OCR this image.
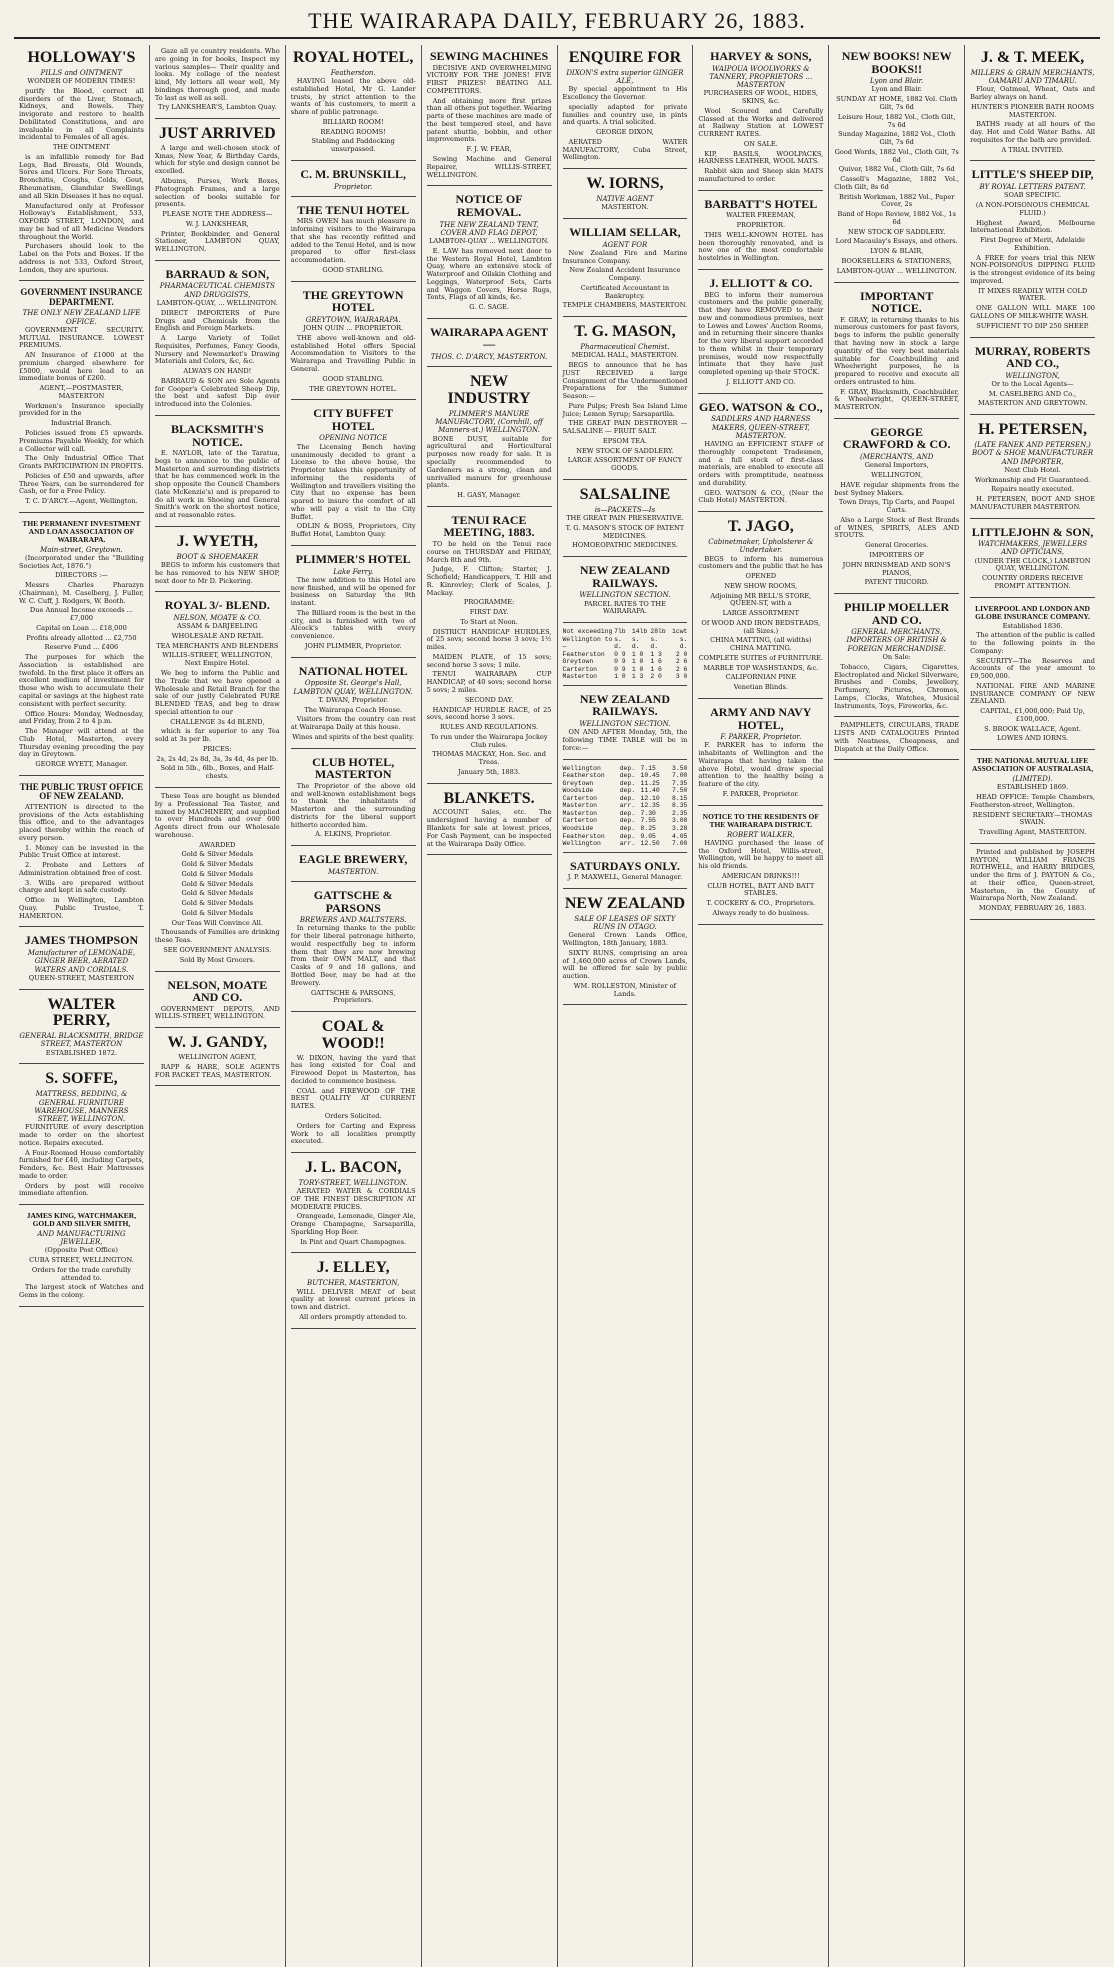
THE WAIRARAPA DAILY, FEBRUARY 26, 1883.
HOLLOWAY'S
PILLS and OINTMENT

WONDER OF MODERN TIMES!

purify the Blood, correct all disorders of the Liver, Stomach, Kidneys, and Bowels. They invigorate and restore to health Debilitated Constitutions, and are invaluable in all Complaints incidental to Females of all ages.

THE OINTMENT

is an infallible remedy for Bad Legs, Bad Breasts, Old Wounds, Sores and Ulcers. For Sore Throats, Bronchitis, Coughs, Colds, Gout, Rheumatism, Glandular Swellings and all Skin Diseases it has no equal.

Manufactured only at Professor Holloway's Establishment, 533, OXFORD STREET, LONDON, and may be had of all Medicine Vendors throughout the World.

Purchasers should look to the Label on the Pots and Boxes. If the address is not 533, Oxford Street, London, they are spurious.

GOVERNMENT INSURANCE DEPARTMENT.
THE ONLY NEW ZEALAND LIFE OFFICE.

GOVERNMENT SECURITY. MUTUAL INSURANCE. LOWEST PREMIUMS.

AN Insurance of £1000 at the premium charged elsewhere for £5000, would here lead to an immediate bonus of £260.

AGENT,—POSTMASTER, MASTERTON

Workmen's Insurance specially provided for in the

Industrial Branch.

Policies issued from £5 upwards. Premiums Payable Weekly, for which a Collector will call.

The Only Industrial Office That Grants PARTICIPATION IN PROFITS.

Policies of £50 and upwards, after Three Years, can be surrendered for Cash, or for a Free Policy.

T. C. D'ARCY.—Agent, Wellington.

THE PERMANENT INVESTMENT AND LOAN ASSOCIATION OF WAIRARAPA.
Main-street, Greytown.

(Incorporated under the "Building Societies Act, 1876.")

DIRECTORS :—

Messrs Charles Pharazyn (Chairman), M. Caselberg, J. Fuller, W. C. Cuff, J. Rodgers, W. Booth.

Due Annual Income exceeds ... £7,000

Capital on Loan ... £18,000

Profits already allotted ... £2,750

Reserve Fund ... £406

The purposes for which the Association is established are twofold. In the first place it offers an excellent medium of investment for those who wish to accumulate their capital or savings at the highest rate consistent with perfect security.

Office Hours: Monday, Wednesday, and Friday, from 2 to 4 p.m.

The Manager will attend at the Club Hotel, Masterton, every Thursday evening preceding the pay day in Greytown.

GEORGE WYETT, Manager.

THE PUBLIC TRUST OFFICE OF NEW ZEALAND.

ATTENTION is directed to the provisions of the Acts establishing this office, and to the advantages placed thereby within the reach of every person.

1. Money can be invested in the Public Trust Office at interest.

2. Probate and Letters of Administration obtained free of cost.

3. Wills are prepared without charge and kept in safe custody.

Office in Wellington, Lambton Quay. Public Trustee, T. HAMERTON.

JAMES THOMPSON
Manufacturer of LEMONADE, GINGER BEER, AERATED WATERS AND CORDIALS.

QUEEN-STREET, MASTERTON

WALTER PERRY,
GENERAL BLACKSMITH, BRIDGE STREET, MASTERTON

ESTABLISHED 1872.

S. SOFFE,
MATTRESS, BEDDING, & GENERAL FURNITURE WAREHOUSE, MANNERS STREET, WELLINGTON.

FURNITURE of every description made to order on the shortest notice. Repairs executed.

A Four-Roomed House comfortably furnished for £40, including Carpets, Fenders, &c. Best Hair Mattresses made to order.

Orders by post will receive immediate attention.

JAMES KING, WATCHMAKER, GOLD AND SILVER SMITH,
AND MANUFACTURING JEWELLER,

(Opposite Post Office)

CUBA STREET, WELLINGTON.

Orders for the trade carefully attended to.

The largest stock of Watches and Gems in the colony.

Gaze all ye country residents. Who are going in for books, Inspect my various samples— Their quality and looks. My collage of the neatest kind, My letters all wear well, My bindings thorough good, and made To last as well as sell.

Try LANKSHEAR'S, Lambton Quay.

JUST ARRIVED

A large and well-chosen stock of Xmas, New Year, & Birthday Cards, which for style and design cannot be excelled.

Albums, Purses, Work Boxes, Photograph Frames, and a large selection of books suitable for presents.

PLEASE NOTE THE ADDRESS—

W. J. LANKSHEAR,

Printer, Bookbinder, and General Stationer, LAMBTON QUAY, WELLINGTON.

BARRAUD & SON,
PHARMACEUTICAL CHEMISTS AND DRUGGISTS,

LAMBTON-QUAY, ... WELLINGTON.

DIRECT IMPORTERS of Pure Drugs and Chemicals from the English and Foreign Markets.

A Large Variety of Toilet Requisites, Perfumes, Fancy Goods, Nursery and Newmarket's Drawing Materials and Colors, &c, &c.

ALWAYS ON HAND!

BARRAUD & SON are Sole Agents for Cooper's Celebrated Sheep Dip, the best and safest Dip ever introduced into the Colonies.

BLACKSMITH'S NOTICE.

E. NAYLOR, late of the Taratua, begs to announce to the public of Masterton and surrounding districts that he has commenced work in the shop opposite the Council Chambers (late McKenzie's) and is prepared to do all work in Shoeing and General Smith's work on the shortest notice, and at reasonable rates.

J. WYETH,
BOOT & SHOEMAKER

BEGS to inform his customers that he has removed to his NEW SHOP, next door to Mr D. Pickering.

ROYAL 3/- BLEND.
NELSON, MOATE & CO.

ASSAM & DARJEELING

WHOLESALE AND RETAIL

TEA MERCHANTS AND BLENDERS

WILLIS-STREET, WELLINGTON, Next Empire Hotel.

We beg to inform the Public and the Trade that we have opened a Wholesale and Retail Branch for the sale of our justly Celebrated PURE BLENDED TEAS, and beg to draw special attention to our

CHALLENGE 3s 4d BLEND,

which is far superior to any Tea sold at 3s per lb.

PRICES:

2s, 2s 4d, 2s 8d, 3s, 3s 4d, 4s per lb.

Sold in 5lb., 6lb., Boxes, and Half-chests.

These Teas are bought as blended by a Professional Tea Taster, and mixed by MACHINERY, and supplied to over Hundreds and over 600 Agents direct from our Wholesale warehouse.

AWARDED

Gold & Silver Medals

Gold & Silver Medals

Gold & Silver Medals

Gold & Silver Medals

Gold & Silver Medals

Gold & Silver Medals

Gold & Silver Medals

Our Teas Will Convince All.

Thousands of Families are drinking these Teas.

SEE GOVERNMENT ANALYSIS.

Sold By Most Grocers.

NELSON, MOATE AND CO.

GOVERNMENT DEPOTS, AND WILLIS-STREET, WELLINGTON.

W. J. GANDY,

WELLINGTON AGENT,

RAPP & HARE, SOLE AGENTS FOR PACKET TEAS, MASTERTON.

ROYAL HOTEL,
Featherston.

HAVING leased the above old-established Hotel, Mr G. Lander trusts, by strict attention to the wants of his customers, to merit a share of public patronage.

BILLIARD ROOM!

READING ROOMS!

Stabling and Paddocking unsurpassed.

C. M. BRUNSKILL,
Proprietor.
THE TENUI HOTEL

MRS OWEN has much pleasure in informing visitors to the Wairarapa that she has recently refitted and added to the Tenui Hotel, and is now prepared to offer first-class accommodation.

GOOD STABLING.

THE GREYTOWN HOTEL
GREYTOWN, WAIRARAPA.

JOHN QUIN ... PROPRIETOR.

THE above well-known and old-established Hotel offers Special Accommodation to Visitors to the Wairarapa and Travelling Public in General.

GOOD STABLING.

THE GREYTOWN HOTEL.

CITY BUFFET HOTEL
OPENING NOTICE

The Licensing Bench having unanimously decided to grant a License to the above house, the Proprietor takes this opportunity of informing the residents of Wellington and travellers visiting the City that no expense has been spared to insure the comfort of all who will pay a visit to the City Buffet.

ODLIN & BOSS, Proprietors, City Buffet Hotel, Lambton Quay.

PLIMMER'S HOTEL
Lake Ferry.

The new addition to this Hotel are now finished, and will be opened for business on Saturday the 9th instant.

The Billiard room is the best in the city, and is furnished with two of Alcock's tables with every convenience.

JOHN PLIMMER, Proprietor.

NATIONAL HOTEL
Opposite St. George's Hall, LAMBTON QUAY, WELLINGTON.

T. DWAN, Proprietor.

The Wairarapa Coach House.

Visitors from the country can rest at Wairarapa Daily at this house.

Wines and spirits of the best quality.

CLUB HOTEL, MASTERTON

The Proprietor of the above old and well-known establishment begs to thank the inhabitants of Masterton and the surrounding districts for the liberal support hitherto accorded him.

A. ELKINS, Proprietor.

EAGLE BREWERY,
MASTERTON.
GATTSCHE & PARSONS
BREWERS AND MALTSTERS.

In returning thanks to the public for their liberal patronage hitherto, would respectfully beg to inform them that they are now brewing from their OWN MALT, and that Casks of 9 and 18 gallons, and Bottled Beer, may be had at the Brewery.

GATTSCHE & PARSONS, Proprietors.

COAL & WOOD!!

W. DIXON, having the yard that has long existed for Coal and Firewood Depot in Masterton, has decided to commence business.

COAL and FIREWOOD OF THE BEST QUALITY AT CURRENT RATES.

Orders Solicited.

Orders for Carting and Express Work to all localities promptly executed.

J. L. BACON,
TORY-STREET, WELLINGTON.

AERATED WATER & CORDIALS OF THE FINEST DESCRIPTION AT MODERATE PRICES.

Orangeade, Lemonade, Ginger Ale, Orange Champagne, Sarsaparilla, Sparkling Hop Beer.

In Pint and Quart Champagnes.

J. ELLEY,
BUTCHER, MASTERTON,

WILL DELIVER MEAT of best quality at lowest current prices in town and district.

All orders promptly attended to.

SEWING MACHINES

DECISIVE AND OVERWHELMING VICTORY FOR THE JONES! FIVE FIRST PRIZES! BEATING ALL COMPETITORS.

And obtaining more first prizes than all others put together. Wearing parts of these machines are made of the best tempered steel, and have patent shuttle, bobbin, and other improvements.

F. J. W. FEAR,

Sewing Machine and General Repairer, WILLIS-STREET, WELLINGTON.

NOTICE OF REMOVAL.
THE NEW ZEALAND TENT, COVER AND FLAG DEPOT,

LAMBTON-QUAY ... WELLINGTON.

E. LAW has removed next door to the Western Royal Hotel, Lambton Quay, where an extensive stock of Waterproof and Oilskin Clothing and Leggings, Waterproof Sets, Carts and Waggon Covers, Horse Rugs, Tents, Flags of all kinds, &c.

G. C. SAGE.

WAIRARAPA AGENT—
THOS. C. D'ARCY, MASTERTON.
NEW INDUSTRY
PLIMMER'S MANURE MANUFACTORY, (Cornhill, off Manners-st.) WELLINGTON.

BONE DUST, suitable for agricultural and Horticultural purposes now ready for sale. It is specially recommended to Gardeners as a strong, clean and unrivalled manure for greenhouse plants.

H. GASY, Manager.

TENUI RACE MEETING, 1883.

TO be held on the Tenui race course on THURSDAY and FRIDAY, March 8th and 9th.

Judge, F. Clifton; Starter, J. Schofield; Handicappers, T. Hill and R. Kinrovley; Clerk of Scales, J. Mackay.

PROGRAMME:

FIRST DAY.

To Start at Noon.

DISTRICT HANDICAP HURDLES, of 25 sovs; second horse 3 sovs; 1½ miles.

MAIDEN PLATE, of 15 sovs; second horse 3 sovs; 1 mile.

TENUI WAIRARAPA CUP HANDICAP, of 40 sovs; second horse 5 sovs; 2 miles.

SECOND DAY.

HANDICAP HURDLE RACE, of 25 sovs, second horse 3 sovs.

RULES AND REGULATIONS.

To run under the Wairarapa Jockey Club rules.

THOMAS MACKAY, Hon. Sec. and Treas.

January 5th, 1883.

BLANKETS.

ACCOUNT Sales, etc. The undersigned having a number of Blankets for sale at lowest prices, For Cash Payment, can be inspected at the Wairarapa Daily Office.

ENQUIRE FOR
DIXON'S extra superior GINGER ALE,

By special appointment to His Excellency the Governor.

specially adapted for private families and country use, in pints and quarts. A trial solicited.

GEORGE DIXON,

AERATED WATER MANUFACTORY, Cuba Street, Wellington.

W. IORNS,
NATIVE AGENT

MASTERTON.

WILLIAM SELLAR,
AGENT FOR

New Zealand Fire and Marine Insurance Company.

New Zealand Accident Insurance Company.

Certificated Accountant in Bankruptcy.

TEMPLE CHAMBERS, MASTERTON.

T. G. MASON,
Pharmaceutical Chemist.

MEDICAL HALL, MASTERTON.

BEGS to announce that he has JUST RECEIVED a large Consignment of the Undermentioned Preparations for the Summer Season:—

Pure Pulps; Fresh Sea Island Lime Juice; Lemon Syrup; Sarsaparilla.

THE GREAT PAIN DESTROYER — SALSALINE — FRUIT SALT.

EPSOM TEA.

NEW STOCK OF SADDLERY.

LARGE ASSORTMENT OF FANCY GOODS.

SALSALINE
is—PACKETS—Is

THE GREAT PAIN PRESERVATIVE.

T. G. MASON'S STOCK OF PATENT MEDICINES.

HOMOEOPATHIC MEDICINES.

NEW ZEALAND RAILWAYS.
WELLINGTON SECTION.

PARCEL RATES TO THE WAIRARAPA.

Not exceeding	7lb	14lb	28lb	1cwt
Wellington to—	s. d.	s. d.	s. d.	s. d.
Featherston	0 9	1 0	1 3	2 0
Greytown	0 9	1 0	1 6	2 6
Carterton	0 9	1 0	1 6	2 6
Masterton	1 0	1 3	2 0	3 0
NEW ZEALAND RAILWAYS.
WELLINGTON SECTION.

ON AND AFTER Monday, 5th, the following TIME TABLE will be in force:—

Wellington	dep.	7.15	3.50
Featherston	dep.	10.45	7.00
Greytown	dep.	11.25	7.35
Woodside	dep.	11.40	7.50
Carterton	dep.	12.10	8.15
Masterton	arr.	12.35	8.35
Masterton	dep.	7.30	2.35
Carterton	dep.	7.55	3.00
Woodside	dep.	8.25	3.28
Featherston	dep.	9.05	4.05
Wellington	arr.	12.50	7.00
SATURDAYS ONLY.

J. P. MAXWELL, General Manager.

NEW ZEALAND
SALE OF LEASES OF SIXTY RUNS IN OTAGO.

General Crown Lands Office, Wellington, 18th January, 1883.

SIXTY RUNS, comprising an area of 1,460,000 acres of Crown Lands, will be offered for sale by public auction.

WM. ROLLESTON, Minister of Lands.

HARVEY & SONS,
WAIPOUA WOOLWORKS & TANNERY, PROPRIETORS ... MASTERTON

PURCHASERS OF WOOL, HIDES, SKINS, &c.

Wool Scoured and Carefully Classed at the Works and delivered at Railway Station at LOWEST CURRENT RATES.

ON SALE.

KIP, BASILS, WOOLPACKS, HARNESS LEATHER, WOOL MATS.

Rabbit skin and Sheep skin MATS manufactured to order.

BARBATT'S HOTEL

WALTER FREEMAN,

PROPRIETOR.

THIS WELL-KNOWN HOTEL has been thoroughly renovated, and is now one of the most comfortable hostelries in Wellington.

J. ELLIOTT & CO.

BEG to inform their numerous customers and the public generally, that they have REMOVED to their new and commodious premises, next to Lowes and Lowes' Auction Rooms, and in returning their sincere thanks for the very liberal support accorded to them whilst in their temporary premises, would now respectfully intimate that they have just completed opening up their STOCK.

J. ELLIOTT AND CO.

GEO. WATSON & CO.,
SADDLERS AND HARNESS MAKERS, QUEEN-STREET, MASTERTON.

HAVING an EFFICIENT STAFF of thoroughly competent Tradesmen, and a full stock of first-class materials, are enabled to execute all orders with promptitude, neatness and durability.

GEO. WATSON & CO., (Near the Club Hotel) MASTERTON.

T. JAGO,
Cabinetmaker, Upholsterer & Undertaker.

BEGS to inform his numerous customers and the public that he has

OPENED

NEW SHOW ROOMS,

Adjoining MR BELL'S STORE, QUEEN-ST, with a

LARGE ASSORTMENT

Of WOOD AND IRON BEDSTEADS, (all Sizes.)

CHINA MATTING, (all widths) CHINA MATTING.

COMPLETE SUITES of FURNITURE.

MARBLE TOP WASHSTANDS, &c.

CALIFORNIAN PINE

Venetian Blinds.

ARMY AND NAVY HOTEL,
F. PARKER, Proprietor.

F. PARKER has to inform the inhabitants of Wellington and the Wairarapa that having taken the above Hotel, would draw special attention to the healthy being a feature of the city.

F. PARKER, Proprietor.

NOTICE TO THE RESIDENTS OF THE WAIRARAPA DISTRICT.
ROBERT WALKER,

HAVING purchased the lease of the Oxford Hotel, Willis-street, Wellington, will be happy to meet all his old friends.

AMERICAN DRINKS!!!

CLUB HOTEL, BATT AND BATT STABLES.

T. COCKERY & CO., Proprietors.

Always ready to do business.

NEW BOOKS! NEW BOOKS!!
Lyon and Blair.

Lyon and Blair.

SUNDAY AT HOME, 1882 Vol. Cloth Gilt, 7s 6d

Leisure Hour, 1882 Vol., Cloth Gilt, 7s 6d

Sunday Magazine, 1882 Vol., Cloth Gilt, 7s 6d

Good Words, 1882 Vol., Cloth Gilt, 7s 6d

Quiver, 1882 Vol., Cloth Gilt, 7s 6d

Cassell's Magazine, 1882 Vol., Cloth Gilt, 8s 6d

British Workman, 1882 Vol., Paper Cover, 2s

Band of Hope Review, 1882 Vol., 1s 6d

NEW STOCK OF SADDLERY.

Lord Macaulay's Essays, and others.

LYON & BLAIR,

BOOKSELLERS & STATIONERS,

LAMBTON-QUAY ... WELLINGTON.

IMPORTANT NOTICE.

F. GRAY, in returning thanks to his numerous customers for past favors, begs to inform the public generally that having now in stock a large quantity of the very best materials suitable for Coachbuilding and Wheelwright purposes, he is prepared to receive and execute all orders entrusted to him.

F. GRAY, Blacksmith, Coachbuilder, & Wheelwright, QUEEN-STREET, MASTERTON.

GEORGE CRAWFORD & CO.
(MERCHANTS, AND

General Importers,

WELLINGTON,

HAVE regular shipments from the best Sydney Makers.

Town Drays, Tip Carts, and Paupel Carts.

Also a Large Stock of Best Brands of WINES, SPIRITS, ALES AND STOUTS.

General Groceries.

IMPORTERS OF

JOHN BRINSMEAD AND SON'S PIANOS,

PATENT TRICORD.

PHILIP MOELLER AND CO.
GENERAL MERCHANTS, IMPORTERS OF BRITISH & FOREIGN MERCHANDISE.

On Sale:

Tobacco, Cigars, Cigarettes, Electroplated and Nickel Silverware, Brushes and Combs, Jewellery, Perfumery, Pictures, Chromos, Lamps, Clocks, Watches, Musical Instruments, Toys, Fireworks, &c.

PAMPHLETS, CIRCULARS, TRADE LISTS AND CATALOGUES Printed with Neatness, Cheapness, and Dispatch at the Daily Office.

J. & T. MEEK,
MILLERS & GRAIN MERCHANTS, OAMARU AND TIMARU.

Flour, Oatmeal, Wheat, Oats and Barley always on hand.

HUNTER'S PIONEER BATH ROOMS MASTERTON.

BATHS ready at all hours of the day. Hot and Cold Water Baths. All requisites for the bath are provided.

A TRIAL INVITED.

LITTLE'S SHEEP DIP,
BY ROYAL LETTERS PATENT.

SOAB SPECIFIC.

(A NON-POISONOUS CHEMICAL FLUID.)

Highest Award, Melbourne International Exhibition.

First Degree of Merit, Adelaide Exhibition.

A FREE for years trial this NEW NON-POISONOUS DIPPING FLUID is the strongest evidence of its being improved.

IT MIXES READILY WITH COLD WATER.

ONE GALLON WILL MAKE 100 GALLONS OF MILK-WHITE WASH.

SUFFICIENT TO DIP 250 SHEEP.

MURRAY, ROBERTS AND CO.,
WELLINGTON,

Or to the Local Agents—

M. CASELBERG AND Co.,

MASTERTON AND GREYTOWN.

H. PETERSEN,
(LATE FANEK AND PETERSEN,) BOOT & SHOE MANUFACTURER AND IMPORTER,

Next Club Hotel.

Workmanship and Fit Guaranteed.

Repairs neatly executed.

H. PETERSEN, BOOT AND SHOE MANUFACTURER MASTERTON.

LITTLEJOHN & SON,
WATCHMAKERS, JEWELLERS AND OPTICIANS,

(UNDER THE CLOCK,) LAMBTON QUAY, WELLINGTON.

COUNTRY ORDERS RECEIVE PROMPT ATTENTION.

LIVERPOOL AND LONDON AND GLOBE INSURANCE COMPANY.

Established 1836.

The attention of the public is called to the following points in the Company:

SECURITY—The Reserves and Accounts of the year amount to £9,500,000.

NATIONAL FIRE AND MARINE INSURANCE COMPANY OF NEW ZEALAND.

CAPITAL, £1,000,000; Paid Up, £100,000.

S. BROOK WALLACE, Agent.

LOWES AND IORNS.

THE NATIONAL MUTUAL LIFE ASSOCIATION OF AUSTRALASIA,
(LIMITED).

ESTABLISHED 1869.

HEAD OFFICE: Temple Chambers, Featherston-street, Wellington.

RESIDENT SECRETARY—THOMAS SWAIN.

Travelling Agent, MASTERTON.

Printed and published by JOSEPH PAYTON, WILLIAM FRANCIS ROTHWELL, and HARRY BRIDGES, under the firm of J. PAYTON & Co., at their office, Queen-street, Masterton, in the County of Wairarapa North, New Zealand.

MONDAY, FEBRUARY 26, 1883.
